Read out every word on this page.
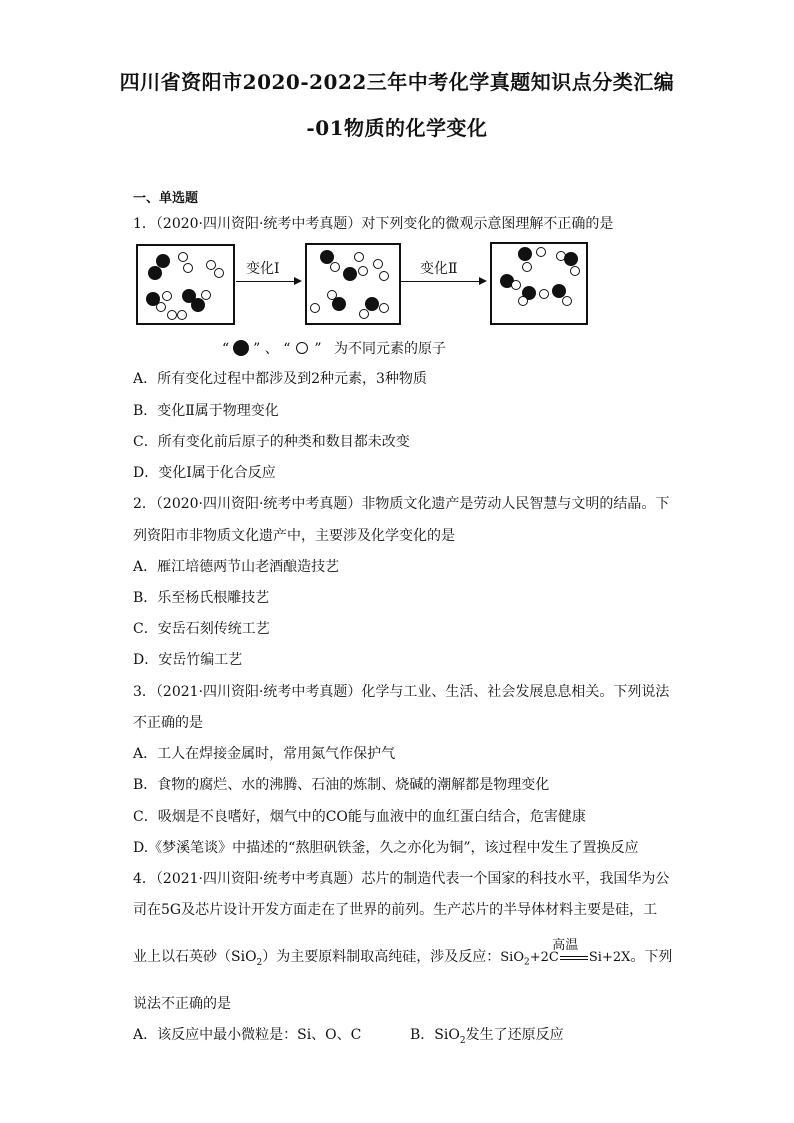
四川省资阳市2020-2022三年中考化学真题知识点分类汇编
-01物质的化学变化
一、单选题
1．（2020·四川资阳·统考中考真题）对下列变化的微观示意图理解不正确的是
变化Ⅰ	变化Ⅱ
“ ” 、 “ ” 为不同元素的原子
A．所有变化过程中都涉及到2种元素，3种物质
B．变化Ⅱ属于物理变化
C．所有变化前后原子的种类和数目都未改变
D．变化Ⅰ属于化合反应
2．（2020·四川资阳·统考中考真题）非物质文化遗产是劳动人民智慧与文明的结晶。下
列资阳市非物质文化遗产中，主要涉及化学变化的是
A．雁江培德两节山老酒酿造技艺
B．乐至杨氏根雕技艺
C．安岳石刻传统工艺
D．安岳竹编工艺
3．（2021·四川资阳·统考中考真题）化学与工业、生活、社会发展息息相关。下列说法
不正确的是
A．工人在焊接金属时，常用氮气作保护气
B．食物的腐烂、水的沸腾、石油的炼制、烧碱的潮解都是物理变化
C．吸烟是不良嗜好，烟气中的CO能与血液中的血红蛋白结合，危害健康
D.《梦溪笔谈》中描述的“熬胆矾铁釜，久之亦化为铜”，该过程中发生了置换反应
4．（2021·四川资阳·统考中考真题）芯片的制造代表一个国家的科技水平，我国华为公
司在5G及芯片设计开发方面走在了世界的前列。生产芯片的半导体材料主要是硅，工
业上以石英砂（SiO$_2$）为主要原料制取高纯硅，涉及反应：
高温
SiO$_2$+2C Si+2X。下列
说法不正确的是
A．该反应中最小微粒是：Si、O、C	B．SiO$_2$发生了还原反应
